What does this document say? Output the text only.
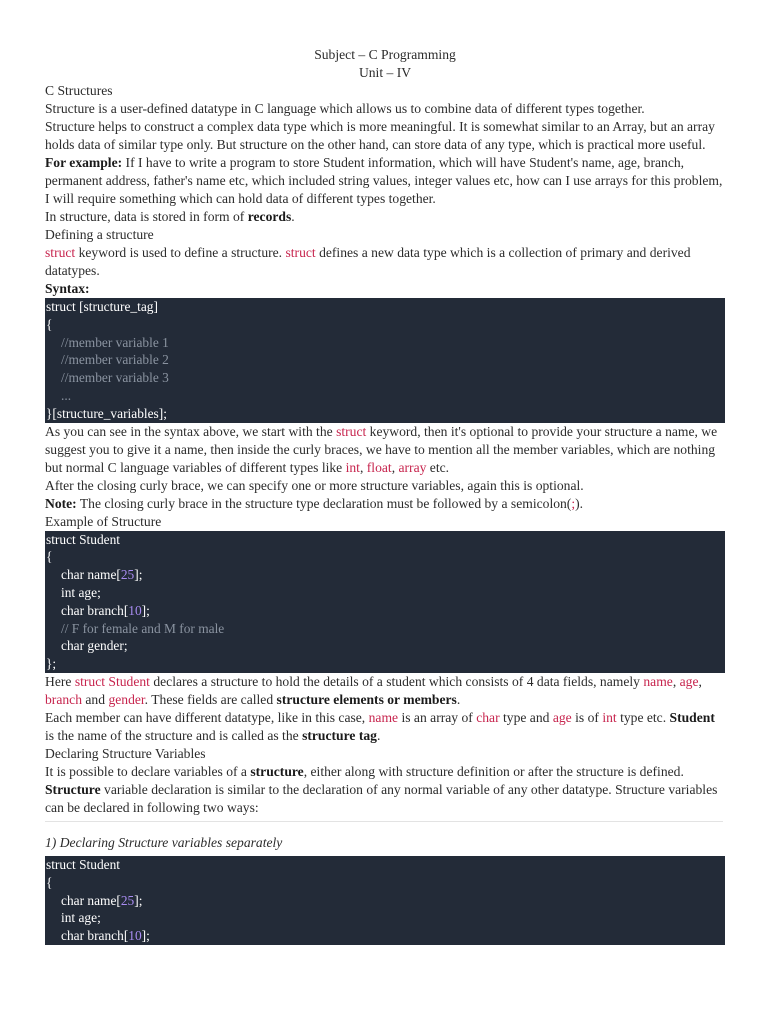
Subject – C Programming
Unit – IV

C Structures

Structure is a user-defined datatype in C language which allows us to combine data of different types together.

Structure helps to construct a complex data type which is more meaningful. It is somewhat similar to an Array, but an array holds data of similar type only. But structure on the other hand, can store data of any type, which is practical more useful.

For example: If I have to write a program to store Student information, which will have Student's name, age, branch, permanent address, father's name etc, which included string values, integer values etc, how can I use arrays for this problem, I will require something which can hold data of different types together.

In structure, data is stored in form of records.

Defining a structure

struct keyword is used to define a structure. struct defines a new data type which is a collection of primary and derived datatypes.

Syntax:

struct [structure_tag]
{
//member variable 1
//member variable 2
//member variable 3
...
}[structure_variables];

As you can see in the syntax above, we start with the struct keyword, then it's optional to provide your structure a name, we suggest you to give it a name, then inside the curly braces, we have to mention all the member variables, which are nothing but normal C language variables of different types like int, float, array etc.

After the closing curly brace, we can specify one or more structure variables, again this is optional.

Note: The closing curly brace in the structure type declaration must be followed by a semicolon(;).

Example of Structure

struct Student
{
char name[25];
int age;
char branch[10];
// F for female and M for male
char gender;
};

Here struct Student declares a structure to hold the details of a student which consists of 4 data fields, namely name, age, branch and gender. These fields are called structure elements or members.

Each member can have different datatype, like in this case, name is an array of char type and age is of int type etc. Student is the name of the structure and is called as the structure tag.

Declaring Structure Variables

It is possible to declare variables of a structure, either along with structure definition or after the structure is defined. Structure variable declaration is similar to the declaration of any normal variable of any other datatype. Structure variables can be declared in following two ways:

1) Declaring Structure variables separately

struct Student
{
char name[25];
int age;
char branch[10];
